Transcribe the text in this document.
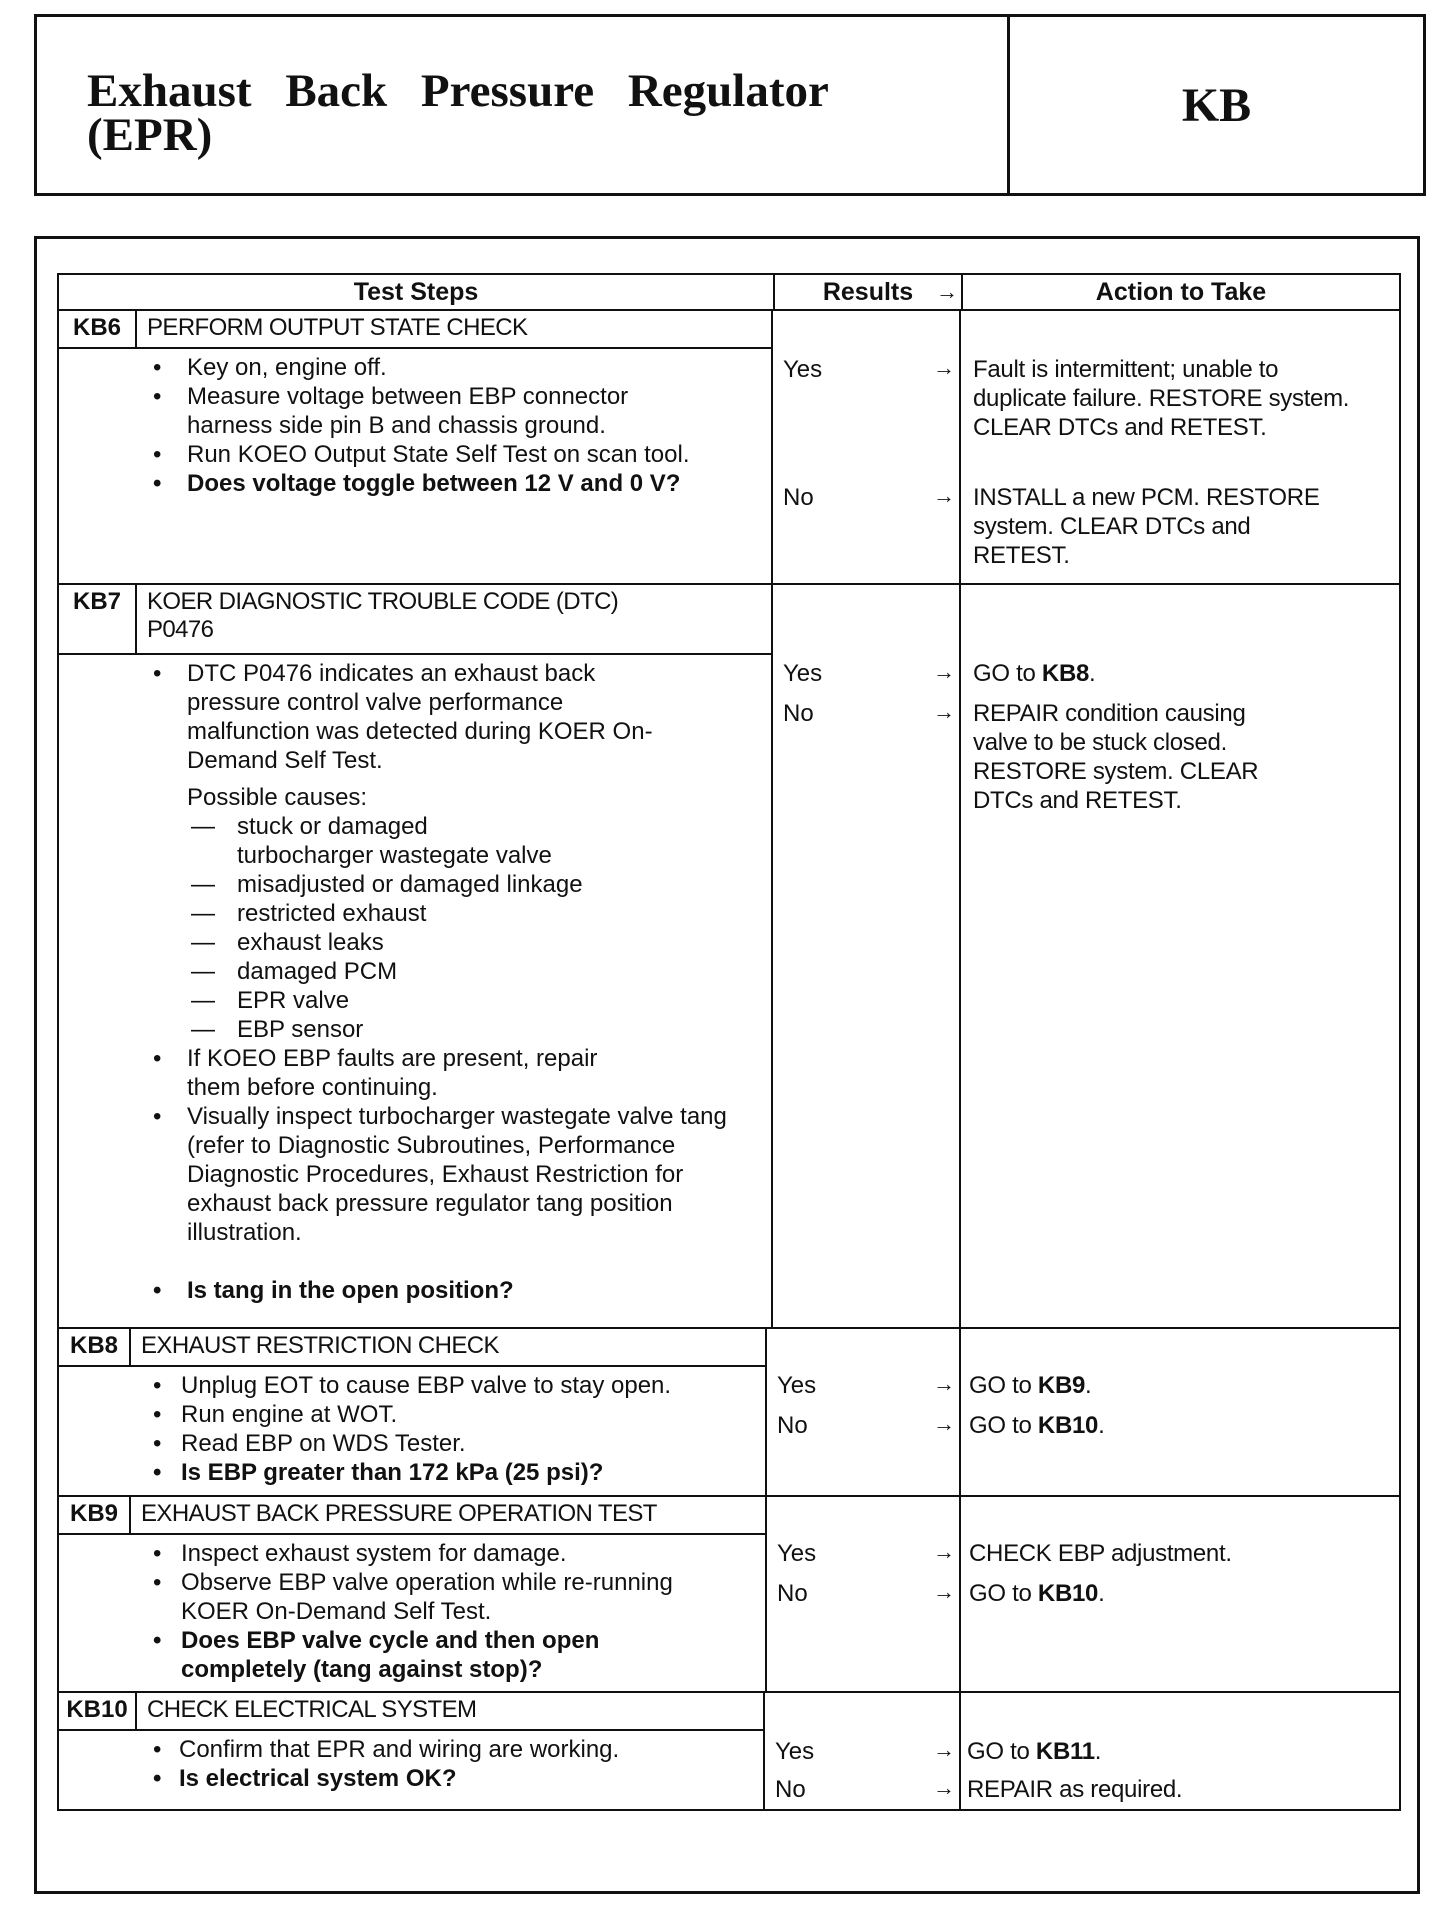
Exhaust Back Pressure Regulator (EPR)
KB
Test Steps	Results	→	Action to Take
KB6	PERFORM OUTPUT STATE CHECK
• Key on, engine off.
• Measure voltage between EBP connector harness side pin B and chassis ground.
• Run KOEO Output State Self Test on scan tool.
• Does voltage toggle between 12 V and 0 V?
Yes	→ Fault is intermittent; unable to duplicate failure. RESTORE system. CLEAR DTCs and RETEST.
No	→ INSTALL a new PCM. RESTORE system. CLEAR DTCs and RETEST.
KB7	KOER DIAGNOSTIC TROUBLE CODE (DTC) P0476
• DTC P0476 indicates an exhaust back pressure control valve performance malfunction was detected during KOER On-Demand Self Test.
Possible causes:
— stuck or damaged turbocharger wastegate valve
— misadjusted or damaged linkage
— restricted exhaust
— exhaust leaks
— damaged PCM
— EPR valve
— EBP sensor
• If KOEO EBP faults are present, repair them before continuing.
• Visually inspect turbocharger wastegate valve tang (refer to Diagnostic Subroutines, Performance Diagnostic Procedures, Exhaust Restriction for exhaust back pressure regulator tang position illustration.
• Is tang in the open position?
Yes	→ GO to KB8.
No	→ REPAIR condition causing valve to be stuck closed. RESTORE system. CLEAR DTCs and RETEST.
KB8 EXHAUST RESTRICTION CHECK
• Unplug EOT to cause EBP valve to stay open.
• Run engine at WOT.
• Read EBP on WDS Tester.
• Is EBP greater than 172 kPa (25 psi)?
Yes	→ GO to KB9.
No	→ GO to KB10.
KB9 EXHAUST BACK PRESSURE OPERATION TEST
• Inspect exhaust system for damage.
• Observe EBP valve operation while re-running KOER On-Demand Self Test.
• Does EBP valve cycle and then open completely (tang against stop)?
Yes	→ CHECK EBP adjustment.
No	→ GO to KB10.
KB10 CHECK ELECTRICAL SYSTEM
• Confirm that EPR and wiring are working.
• Is electrical system OK?
Yes	→ GO to KB11.
No	→ REPAIR as required.
